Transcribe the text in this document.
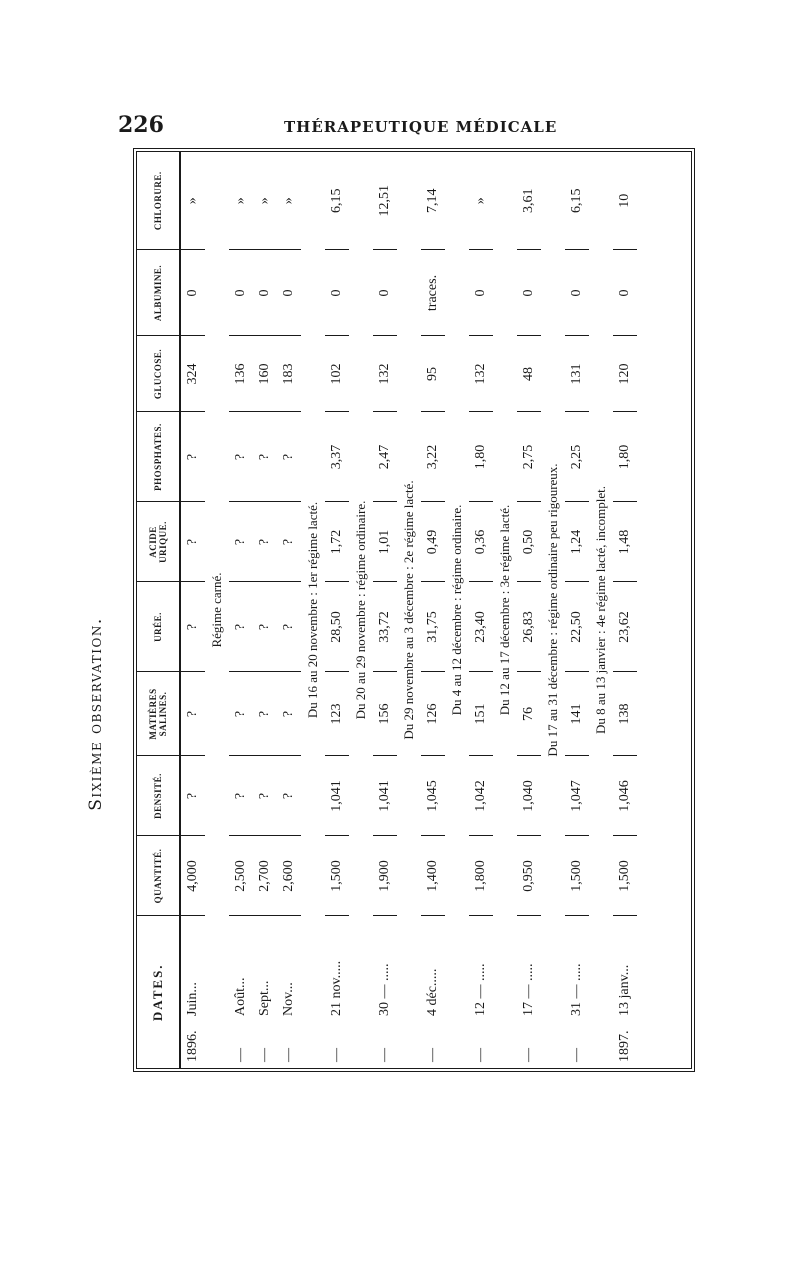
226	THÉRAPEUTIQUE MÉDICALE
Sixième observation.
DATES.	QUANTITÉ.	DENSITÉ.	MATIÈRES SALINES.	URÉE.	ACIDE URIQUE.	PHOSPHATES.	GLUCOSE.	ALBUMINE.	CHLORURE.
1896.Juin...	4,000	?	?	?	?	?	324	0	»
Régime carné.									
—Août...	2,500	?	?	?	?	?	136	0	»
—Sept...	2,700	?	?	?	?	?	160	0	»
—Nov...	2,600	?	?	?	?	?	183	0	»
Du 16 au 20 novembre : 1er régime lacté.									
—21 nov.....	1,500	1,041	123	28,50	1,72	3,37	102	0	6,15
Du 20 au 29 novembre : régime ordinaire.									
—30 — .....	1,900	1,041	156	33,72	1,01	2,47	132	0	12,51
Du 29 novembre au 3 décembre : 2e régime lacté.									
—4 déc.....	1,400	1,045	126	31,75	0,49	3,22	95	traces.	7,14
Du 4 au 12 décembre : régime ordinaire.									
—12 — .....	1,800	1,042	151	23,40	0,36	1,80	132	0	»
Du 12 au 17 décembre : 3e régime lacté.									
—17 — .....	0,950	1,040	76	26,83	0,50	2,75	48	0	3,61
Du 17 au 31 décembre : régime ordinaire peu rigoureux.									
—31 — .....	1,500	1,047	141	22,50	1,24	2,25	131	0	6,15
Du 8 au 13 janvier : 4e régime lacté, incomplet.									
1897.13 janv...	1,500	1,046	138	23,62	1,48	1,80	120	0	10
